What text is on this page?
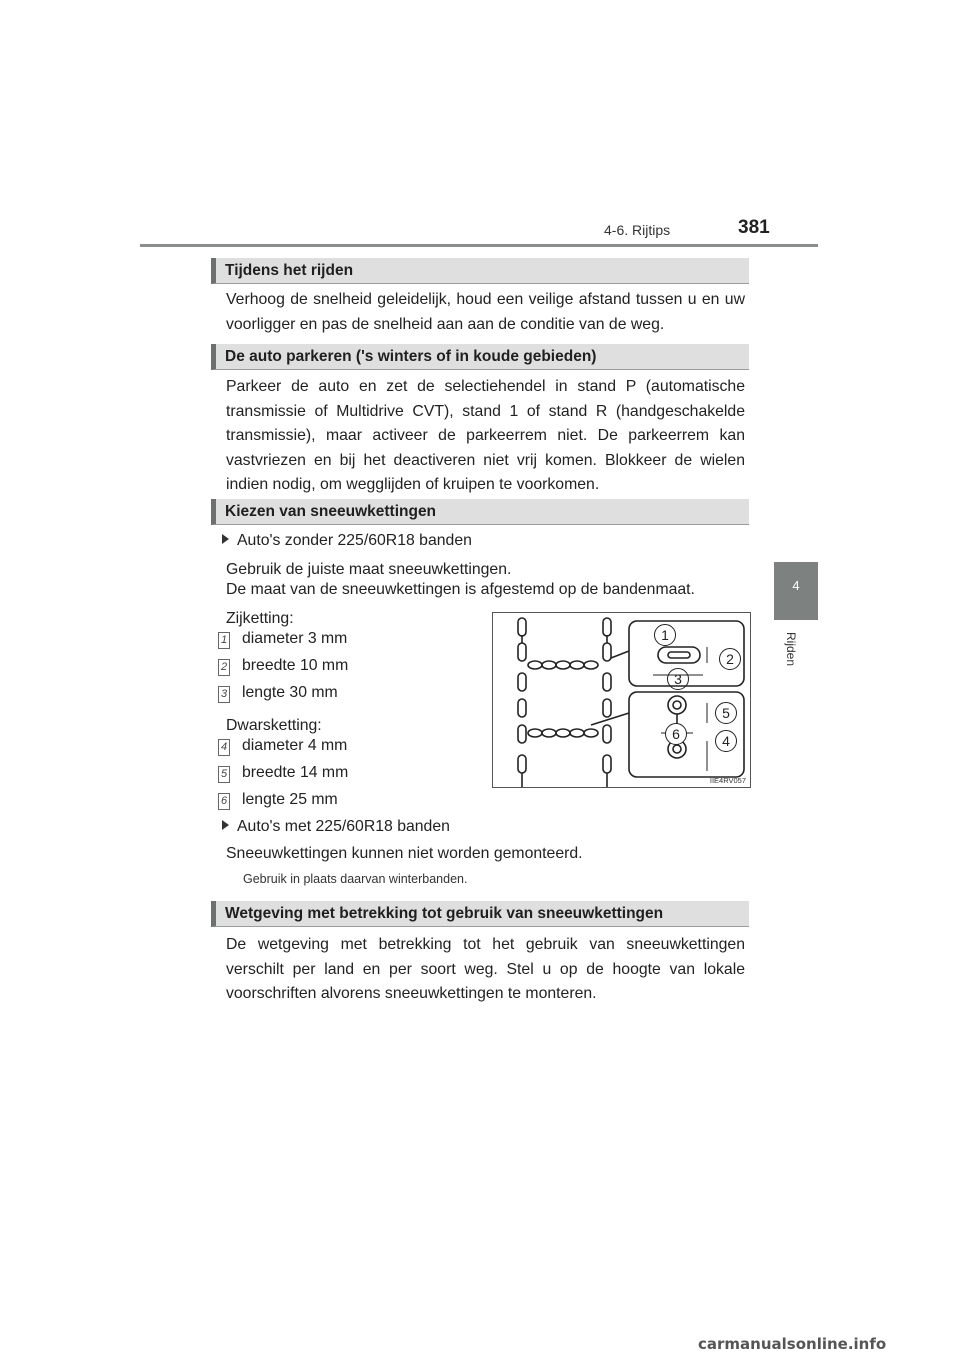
4-6. Rijtips	381
4
Rijden
Tijdens het rijden
Verhoog de snelheid geleidelijk, houd een veilige afstand tussen u en uw voorligger en pas de snelheid aan aan de conditie van de weg.
De auto parkeren ('s winters of in koude gebieden)
Parkeer de auto en zet de selectiehendel in stand P (automatische transmissie of Multidrive CVT), stand 1 of stand R (handgeschakelde transmissie), maar activeer de parkeerrem niet. De parkeerrem kan vastvriezen en bij het deactiveren niet vrij komen. Blokkeer de wielen indien nodig, om wegglijden of kruipen te voorkomen.
Kiezen van sneeuwkettingen
Auto's zonder 225/60R18 banden
Gebruik de juiste maat sneeuwkettingen.
De maat van de sneeuwkettingen is afgestemd op de bandenmaat.
Zijketting:
1 diameter 3 mm
2 breedte 10 mm
3 lengte 30 mm
Dwarsketting:
4 diameter 4 mm
5 breedte 14 mm
6 lengte 25 mm
1
2
3
4
5
6
IIE4RV057
Auto's met 225/60R18 banden
Sneeuwkettingen kunnen niet worden gemonteerd.
Gebruik in plaats daarvan winterbanden.
Wetgeving met betrekking tot gebruik van sneeuwkettingen
De wetgeving met betrekking tot het gebruik van sneeuwkettingen verschilt per land en per soort weg. Stel u op de hoogte van lokale voorschriften alvorens sneeuwkettingen te monteren.
carmanualsonline.info
